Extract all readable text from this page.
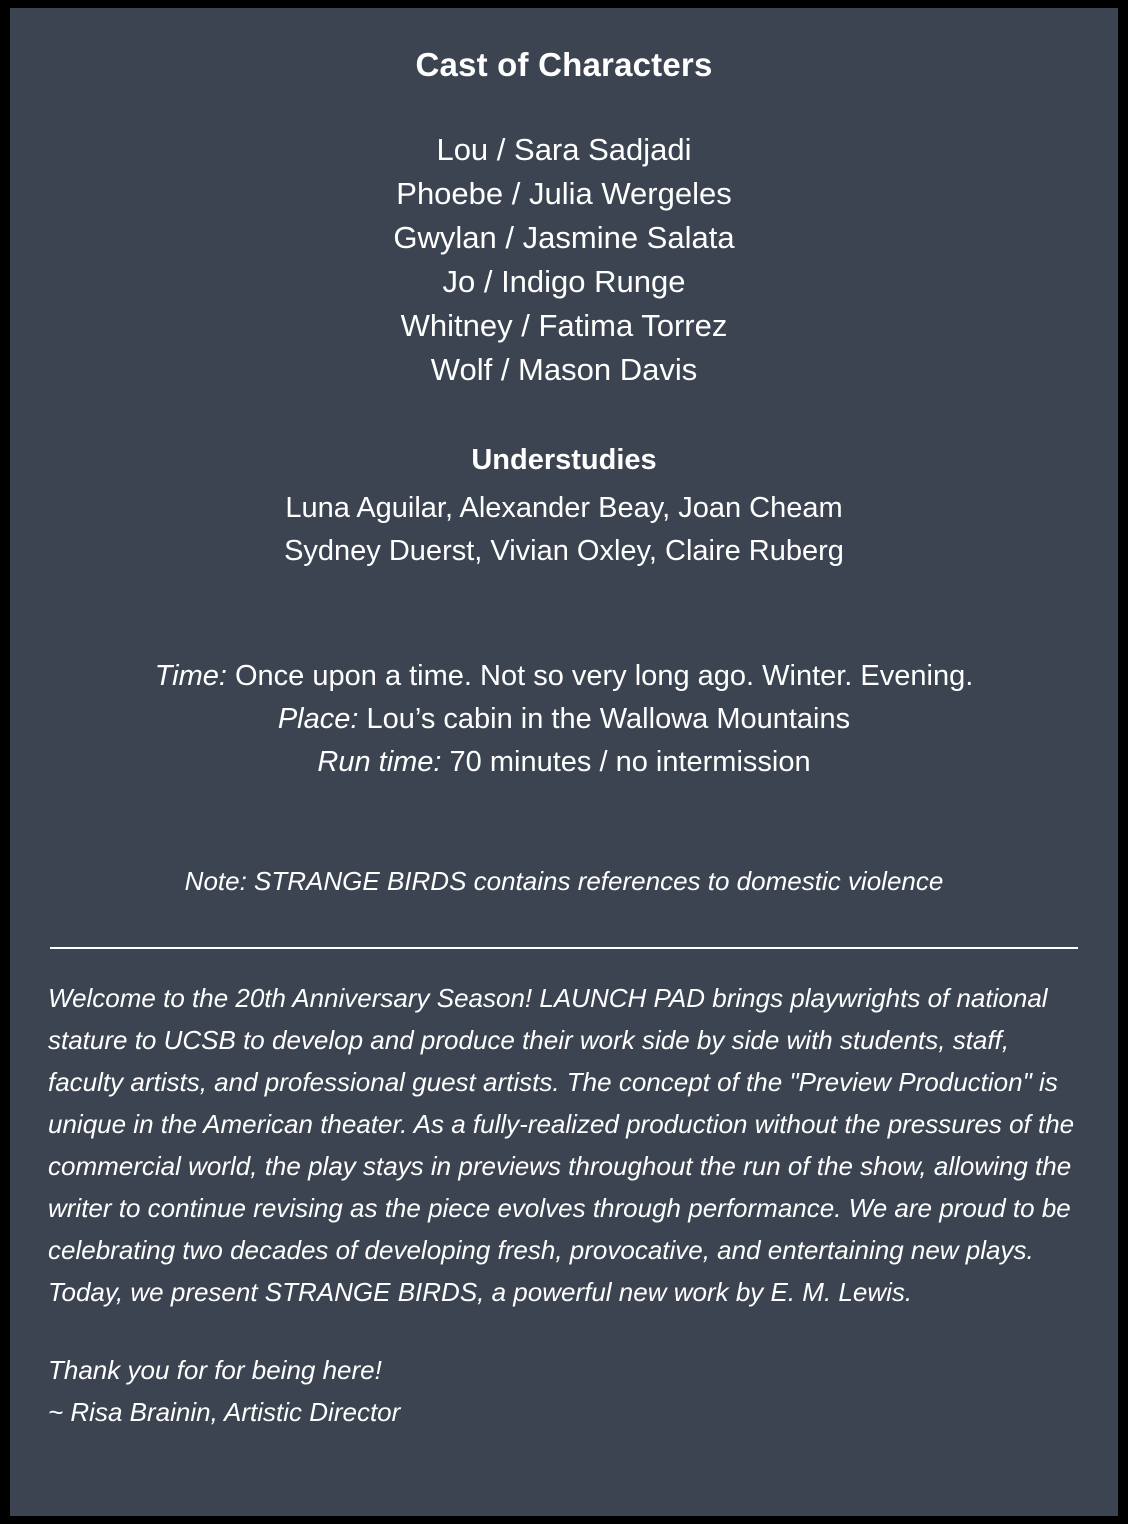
Cast of Characters
Lou / Sara Sadjadi
Phoebe / Julia Wergeles
Gwylan / Jasmine Salata
Jo / Indigo Runge
Whitney / Fatima Torrez
Wolf / Mason Davis
Understudies
Luna Aguilar, Alexander Beay, Joan Cheam
Sydney Duerst, Vivian Oxley, Claire Ruberg
Time: Once upon a time. Not so very long ago. Winter. Evening.
Place: Lou’s cabin in the Wallowa Mountains
Run time: 70 minutes / no intermission
Note: STRANGE BIRDS contains references to domestic violence
Welcome to the 20th Anniversary Season! LAUNCH PAD brings playwrights of national stature to UCSB to develop and produce their work side by side with students, staff, faculty artists, and professional guest artists. The concept of the "Preview Production" is unique in the American theater. As a fully-realized production without the pressures of the commercial world, the play stays in previews throughout the run of the show, allowing the writer to continue revising as the piece evolves through performance. We are proud to be celebrating two decades of developing fresh, provocative, and entertaining new plays. Today, we present STRANGE BIRDS, a powerful new work by E. M. Lewis.
Thank you for for being here!
~ Risa Brainin, Artistic Director
